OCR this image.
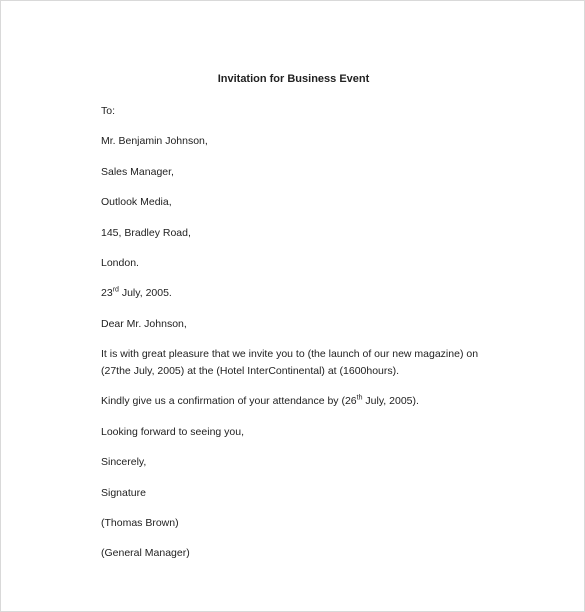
Invitation for Business Event
To:
Mr. Benjamin Johnson,
Sales Manager,
Outlook Media,
145, Bradley Road,
London.
23rd July, 2005.
Dear Mr. Johnson,
It is with great pleasure that we invite you to (the launch of our new magazine) on (27the July, 2005) at the (Hotel InterContinental) at (1600hours).
Kindly give us a confirmation of your attendance by (26th July, 2005).
Looking forward to seeing you,
Sincerely,
Signature
(Thomas Brown)
(General Manager)
